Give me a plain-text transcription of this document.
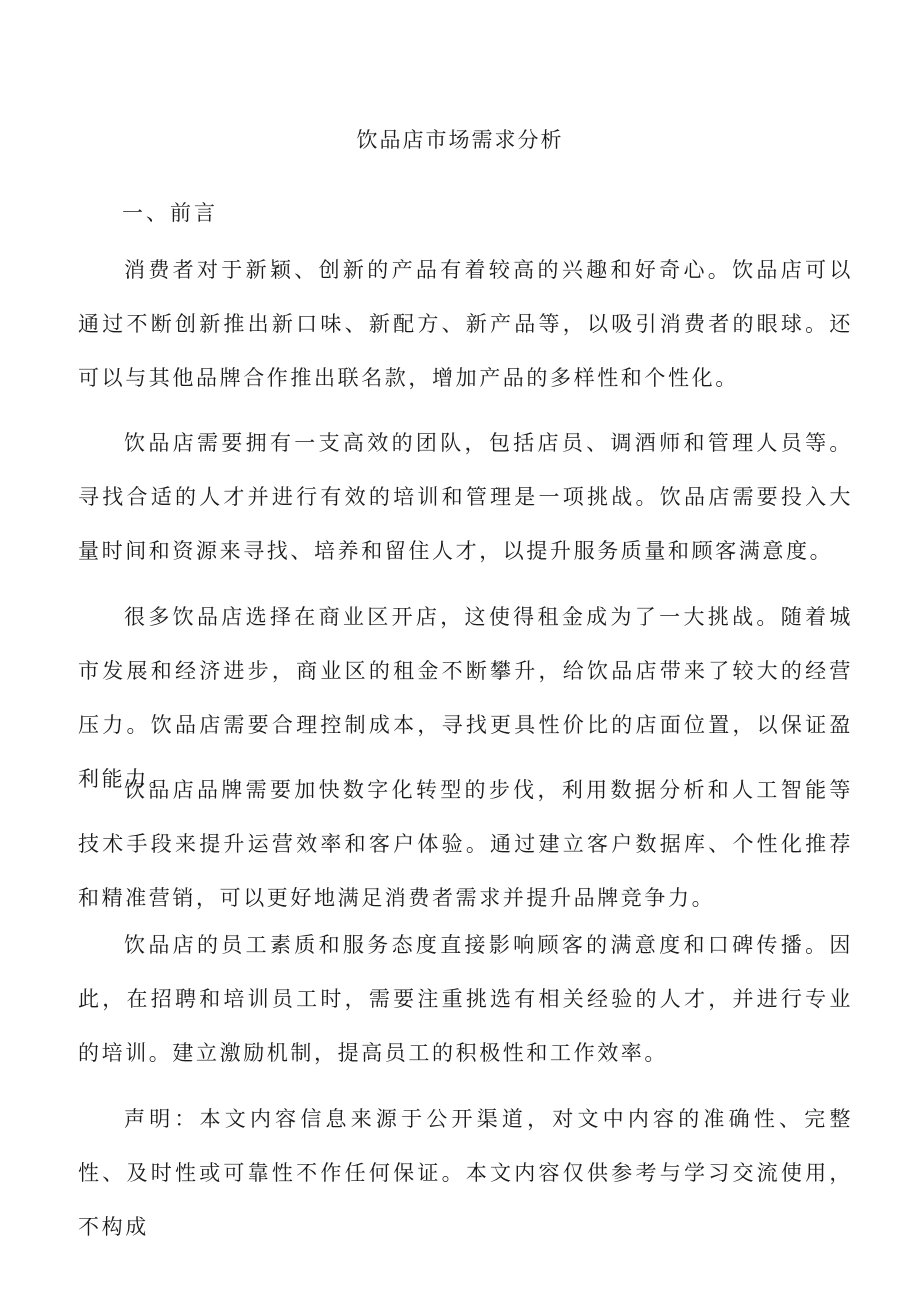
饮品店市场需求分析
一、前言

消费者对于新颖、创新的产品有着较高的兴趣和好奇心。饮品店可以通过不断创新推出新口味、新配方、新产品等，以吸引消费者的眼球。还可以与其他品牌合作推出联名款，增加产品的多样性和个性化。

饮品店需要拥有一支高效的团队，包括店员、调酒师和管理人员等。寻找合适的人才并进行有效的培训和管理是一项挑战。饮品店需要投入大量时间和资源来寻找、培养和留住人才，以提升服务质量和顾客满意度。

很多饮品店选择在商业区开店，这使得租金成为了一大挑战。随着城市发展和经济进步，商业区的租金不断攀升，给饮品店带来了较大的经营压力。饮品店需要合理控制成本，寻找更具性价比的店面位置，以保证盈利能力。

饮品店品牌需要加快数字化转型的步伐，利用数据分析和人工智能等技术手段来提升运营效率和客户体验。通过建立客户数据库、个性化推荐和精准营销，可以更好地满足消费者需求并提升品牌竞争力。

饮品店的员工素质和服务态度直接影响顾客的满意度和口碑传播。因此，在招聘和培训员工时，需要注重挑选有相关经验的人才，并进行专业的培训。建立激励机制，提高员工的积极性和工作效率。

声明：本文内容信息来源于公开渠道，对文中内容的准确性、完整性、及时性或可靠性不作任何保证。本文内容仅供参考与学习交流使用，不构成
